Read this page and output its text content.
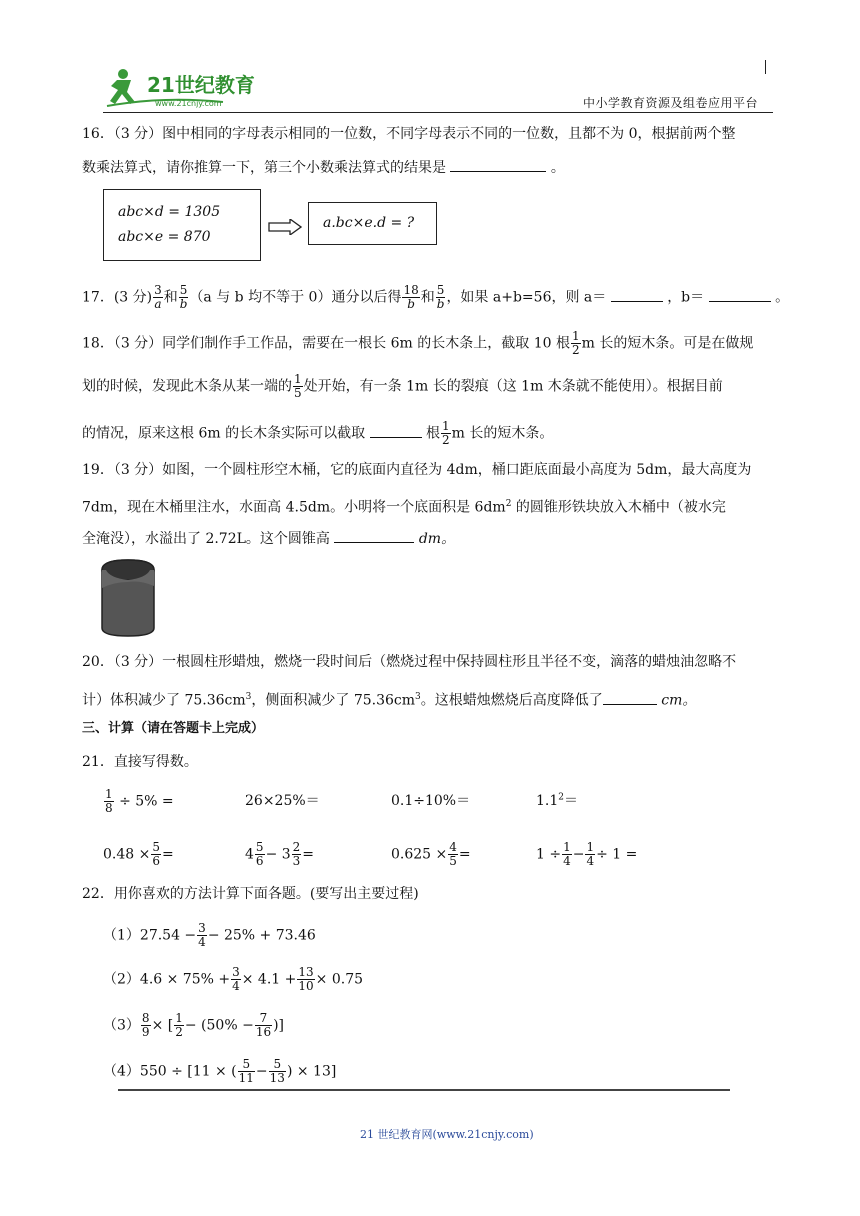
21世纪教育
www.21cnjy.com	中小学教育资源及组卷应用平台
16．（3 分）图中相同的字母表示相同的一位数，不同字母表示不同的一位数，且都不为 0，根据前两个整
数乘法算式，请你推算一下，第三个小数乘法算式的结果是	。
abc×d = 1305
abc×e = 870
a.bc×e.d = ?
17．(3 分) $\frac{3}{a}$ 和 $\frac{5}{b} (a$ 与 b 均不等于 0）通分以后得 $\frac{18}{b}$ 和 $\frac{5}{b}$ ，如果 a+b=56，则 a＝	，b＝	。
18．（3 分）同学们制作手工作品，需要在一根长 6m 的长木条上，截取 10 根 $\frac{1}{2}$ m 长的短木条。可是在做规
划的时候，发现此木条从某一端的 $\frac{1}{5}$ 处开始，有一条 1m 长的裂痕（这 1m 木条就不能使用）。根据目前
的情况，原来这根 6m 的长木条实际可以截取	根 $\frac{1}{2}$ m 长的短木条。
19．（3 分）如图，一个圆柱形空木桶，它的底面内直径为 4dm，桶口距底面最小高度为 5dm，最大高度为
7dm，现在木桶里注水，水面高 4.5dm。小明将一个底面积是 $6dm^2$ 的圆锥形铁块放入木桶中（被水完
全淹没），水溢出了 2.72L。这个圆锥高	dm。
20．（3 分）一根圆柱形蜡烛，燃烧一段时间后（燃烧过程中保持圆柱形且半径不变，滴落的蜡烛油忽略不
计）体积减少了 $75.36cm^3$，侧面积减少了 $75.36cm^3$。这根蜡烛燃烧后高度降低了	cm。
三、计算（请在答题卡上完成）
21．直接写得数。
$\frac{1}{8} \div 5\%$ =	26×25%＝	0.1÷10%＝	$1.1^2=$
$0.48 \times \frac{5}{6}$ =	$4 \frac{5}{6} - 3 \frac{2}{3}$ =	$0.625 \times \frac{4}{5}$ =	$1 \div \frac{1}{4} - \frac{1}{4} \div 1$ =
22．用你喜欢的方法计算下面各题。(要写出主要过程)
$(1)27.54 - \frac{3}{4} - 25\% + 73.46$
$(2)4.6 \times 75\% + \frac{3}{4} \times 4.1 + \frac{13}{10} \times 0.75$
$(3) \frac{8}{9}$ × [ $\frac{1}{2} - (50\% - \frac{7}{16}$ )]
（4）550 ÷ [11 × ( $\frac{5}{11} - \frac{5}{13}$ ) × 13]
21 世纪教育网(www.21cnjy.com)
